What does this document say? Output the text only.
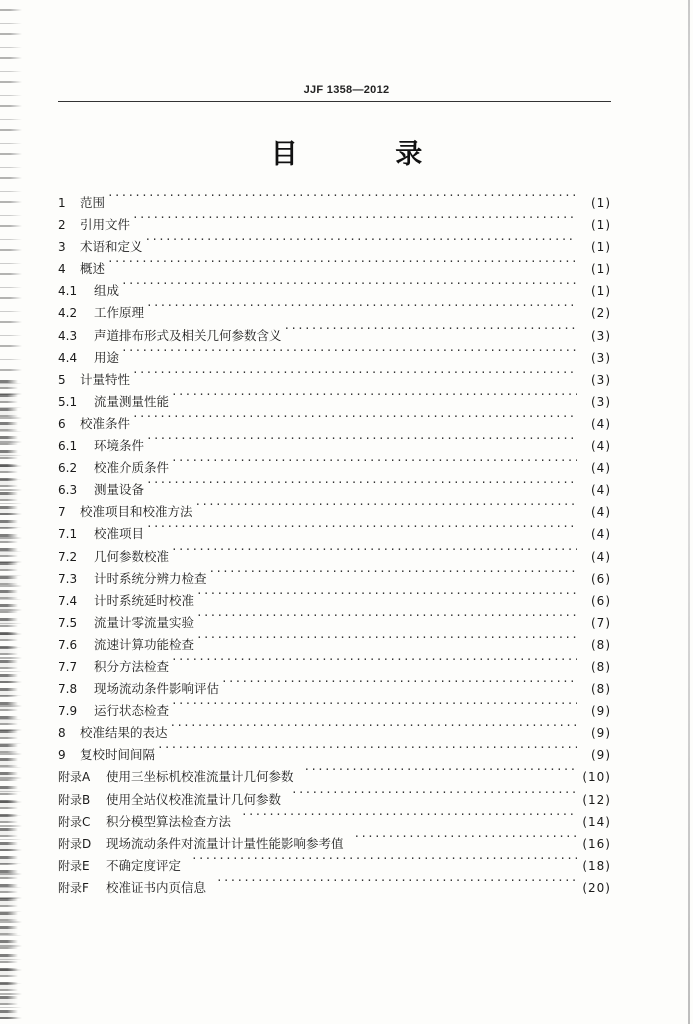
JJF 1358—2012
目 录
1	范围 ·····	(1)
2	引用文件 ·····	(1)
3	术语和定义 ·····	(1)
4	概述 ·····	(1)
4.1	组成 ·····	(1)
4.2	工作原理 ·····	(2)
4.3	声道排布形式及相关几何参数含义 ·····	(3)
4.4	用途 ·····	(3)
5	计量特性 ·····	(3)
5.1	流量测量性能 ·····	(3)
6	校准条件 ·····	(4)
6.1	环境条件 ·····	(4)
6.2	校准介质条件 ·····	(4)
6.3	测量设备 ·····	(4)
7	校准项目和校准方法 ·····	(4)
7.1	校准项目 ·····	(4)
7.2	几何参数校准 ·····	(4)
7.3	计时系统分辨力检查 ·····	(6)
7.4	计时系统延时校准 ·····	(6)
7.5	流量计零流量实验 ·····	(7)
7.6	流速计算功能检查 ·····	(8)
7.7	积分方法检查 ·····	(8)
7.8	现场流动条件影响评估 ·····	(8)
7.9	运行状态检查 ·····	(9)
8	校准结果的表达 ·····	(9)
9	复校时间间隔 ·····	(9)
附录A	使用三坐标机校准流量计几何参数 ·····	(10)
附录B	使用全站仪校准流量计几何参数 ·····	(12)
附录C	积分模型算法检查方法 ·····	(14)
附录D	现场流动条件对流量计计量性能影响参考值 ·····	(16)
附录E	不确定度评定 ·····	(18)
附录F	校准证书内页信息 ·····	(20)
